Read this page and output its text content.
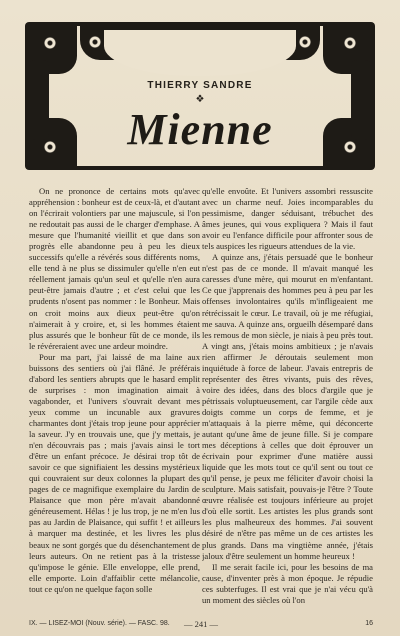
THIERRY SANDRE
❖
Mienne

On ne prononce de certains mots qu'avec appréhension : bonheur est de ceux-là, et d'autant on l'écrirait volontiers par une majuscule, si l'on ne redoutait pas aussi de le charger d'emphase. A mesure que l'humanité vieillit et que dans son progrès elle abandonne peu à peu les dieux successifs qu'elle a révérés sous différents noms, elle tend à ne plus se dissimuler qu'elle n'en eut réellement jamais qu'un seul et qu'elle n'en aura peut-être jamais d'autre ; et c'est celui que les prudents n'osent pas nommer : le Bonheur. Mais on croit moins aux dieux peut-être qu'on n'aimerait à y croire, et, si les hommes étaient plus assurés que le bonheur fût de ce monde, ils le révéreraient avec une ardeur moindre.

Pour ma part, j'ai laissé de ma laine aux buissons des sentiers où j'ai flâné. Je préférais d'abord les sentiers abrupts que le hasard emplit de surprises : mon imagination aimait à vagabonder, et l'univers s'ouvrait devant mes yeux comme un incunable aux gravures charmantes dont j'étais trop jeune pour apprécier la saveur. J'y en trouvais une, que j'y mettais, je n'en découvrais pas ; mais j'avais ainsi le tort d'être un enfant précoce. Je désirai trop tôt de savoir ce que signifiaient les dessins mystérieux qui couvraient sur deux colonnes la plupart des pages de ce magnifique exemplaire du Jardin de Plaisance que mon père m'avait abandonné généreusement. Hélas ! je lus trop, je ne m'en lus pas au Jardin de Plaisance, qui suffit ! et ailleurs à marquer ma destinée, et les livres les plus beaux ne sont gorgés que du désenchantement de leurs auteurs. On ne retient pas à la tristesse qu'impose le génie. Elle enveloppe, elle prend, elle emporte. Loin d'affaiblir cette mélancolie, tout ce qu'on ne quelque façon solle

qu'elle envoûte. Et l'univers assombri ressuscite avec un charme neuf. Joies incomparables du pessimisme, danger séduisant, trébuchet des âmes jeunes, qui vous expliquera ? Mais il faut avoir eu l'enfance difficile pour affronter sous de tels auspices les rigueurs attendues de la vie.

A quinze ans, j'étais persuadé que le bonheur n'est pas de ce monde. Il m'avait manqué les caresses d'une mère, qui mourut en m'enfantant. Ce que j'apprenais des hommes peu à peu par les offenses involontaires qu'ils m'infligeaient me rétrécissait le cœur. Le travail, où je me réfugiai, me sauva. A quinze ans, orgueilh désemparé dans les remous de mon siècle, je niais à peu près tout. A vingt ans, j'étais moins ambitieux ; je n'avais rien affirmer Je déroutais seulement mon inquiétude à force de labeur. J'avais entrepris de représenter des êtres vivants, puis des rêves, voire des idées, dans des blocs d'argile que je pétrissais voluptueusement, car l'argile cède aux doigts comme un corps de femme, et je m'attaquais à la pierre même, qui déconcerte autant qu'une âme de jeune fille. Si je compare mes déceptions à celles que doit éprouver un écrivain pour exprimer d'une matière aussi liquide que les mots tout ce qu'il sent ou tout ce qu'il pense, je peux me féliciter d'avoir choisi la sculpture. Mais satisfait, pouvais-je l'être ? Toute œuvre réalisée est toujours inférieure au projet d'où elle sortit. Les artistes les plus grands sont les plus malheureux des hommes. J'ai souvent désiré de n'être pas même un de ces artistes les plus grands. Dans ma vingtième année, j'étais jaloux d'être seulement un homme heureux !

Il me serait facile ici, pour les besoins de ma cause, d'inventer près à mon époque. Je répudie ces subterfuges. Il est vrai que je n'ai vécu qu'à un moment des siècles où l'on

IX. — LISEZ-MOI (Nouv. série). — FASC. 98.	— 241 —	16
